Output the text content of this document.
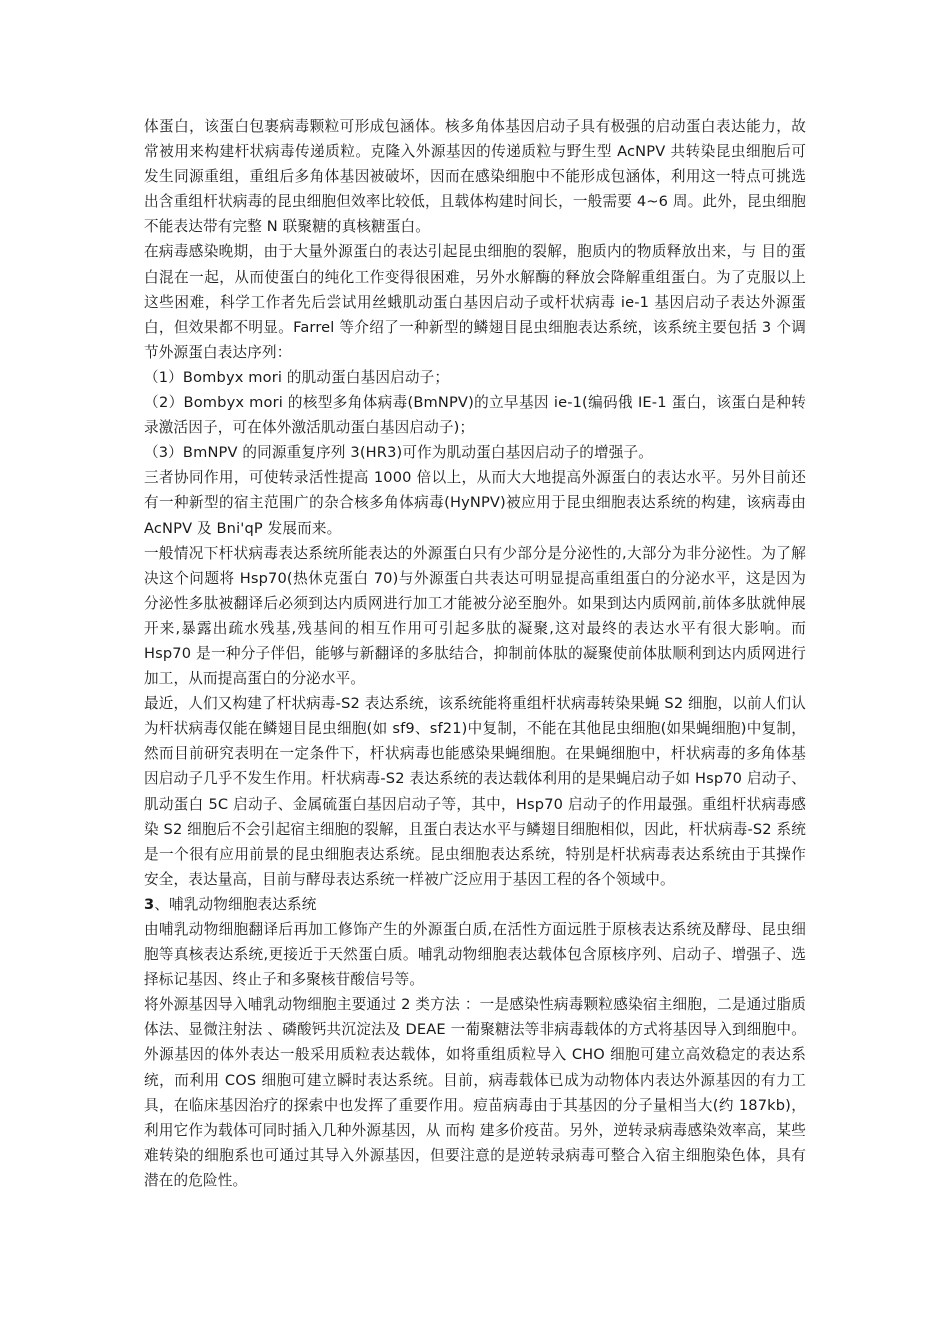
体蛋白，该蛋白包裹病毒颗粒可形成包涵体。核多角体基因启动子具有极强的启动蛋白表达能力，故常被用来构建杆状病毒传递质粒。克隆入外源基因的传递质粒与野生型 AcNPV 共转染昆虫细胞后可发生同源重组，重组后多角体基因被破坏，因而在感染细胞中不能形成包涵体，利用这一特点可挑选 出含重组杆状病毒的昆虫细胞但效率比较低，且载体构建时间长，一般需要 4~6 周。此外，昆虫细胞不能表达带有完整 N 联聚糖的真核糖蛋白。

在病毒感染晚期，由于大量外源蛋白的表达引起昆虫细胞的裂解，胞质内的物质释放出来，与 目的蛋白混在一起，从而使蛋白的纯化工作变得很困难，另外水解酶的释放会降解重组蛋白。为了克服以上这些困难，科学工作者先后尝试用丝蛾肌动蛋白基因启动子或杆状病毒 ie-1 基因启动子表达外源蛋白，但效果都不明显。Farrel 等介绍了一种新型的鳞翅目昆虫细胞表达系统，该系统主要包括 3 个调节外源蛋白表达序列：

（1）Bombyx mori 的肌动蛋白基因启动子；

（2）Bombyx mori 的核型多角体病毒(BmNPV)的立早基因 ie-1(编码俄 IE-1 蛋白，该蛋白是种转录激活因子，可在体外激活肌动蛋白基因启动子)；

（3）BmNPV 的同源重复序列 3(HR3)可作为肌动蛋白基因启动子的增强子。

三者协同作用，可使转录活性提高 1000 倍以上，从而大大地提高外源蛋白的表达水平。另外目前还有一种新型的宿主范围广的杂合核多角体病毒(HyNPV)被应用于昆虫细胞表达系统的构建，该病毒由 AcNPV 及 Bni'qP 发展而来。

一般情况下杆状病毒表达系统所能表达的外源蛋白只有少部分是分泌性的,大部分为非分泌性。为了解决这个问题将 Hsp70(热休克蛋白 70)与外源蛋白共表达可明显提高重组蛋白的分泌水平，这是因为分泌性多肽被翻译后必须到达内质网进行加工才能被分泌至胞外。如果到达内质网前,前体多肽就伸展开来,暴露出疏水残基,残基间的相互作用可引起多肽的凝聚,这对最终的表达水平有很大影响。而 Hsp70 是一种分子伴侣，能够与新翻译的多肽结合，抑制前体肽的凝聚使前体肽顺利到达内质网进行加工，从而提高蛋白的分泌水平。

最近，人们又构建了杆状病毒-S2 表达系统，该系统能将重组杆状病毒转染果蝇 S2 细胞，以前人们认为杆状病毒仅能在鳞翅目昆虫细胞(如 sf9、sf21)中复制，不能在其他昆虫细胞(如果蝇细胞)中复制，然而目前研究表明在一定条件下，杆状病毒也能感染果蝇细胞。在果蝇细胞中，杆状病毒的多角体基因启动子几乎不发生作用。杆状病毒-S2 表达系统的表达载体利用的是果蝇启动子如 Hsp70 启动子、肌动蛋白 5C 启动子、金属硫蛋白基因启动子等，其中，Hsp70 启动子的作用最强。重组杆状病毒感染 S2 细胞后不会引起宿主细胞的裂解，且蛋白表达水平与鳞翅目细胞相似，因此，杆状病毒-S2 系统是一个很有应用前景的昆虫细胞表达系统。昆虫细胞表达系统，特别是杆状病毒表达系统由于其操作安全，表达量高，目前与酵母表达系统一样被广泛应用于基因工程的各个领域中。

3、哺乳动物细胞表达系统

由哺乳动物细胞翻译后再加工修饰产生的外源蛋白质,在活性方面远胜于原核表达系统及酵母、昆虫细胞等真核表达系统,更接近于天然蛋白质。哺乳动物细胞表达载体包含原核序列、启动子、增强子、选择标记基因、终止子和多聚核苷酸信号等。

将外源基因导入哺乳动物细胞主要通过 2 类方法 ：一是感染性病毒颗粒感染宿主细胞，二是通过脂质体法、显微注射法 、磷酸钙共沉淀法及 DEAE 一葡聚糖法等非病毒载体的方式将基因导入到细胞中。外源基因的体外表达一般采用质粒表达载体，如将重组质粒导入 CHO 细胞可建立高效稳定的表达系统，而利用 COS 细胞可建立瞬时表达系统。目前，病毒载体已成为动物体内表达外源基因的有力工具，在临床基因治疗的探索中也发挥了重要作用。痘苗病毒由于其基因的分子量相当大(约 187kb)，利用它作为载体可同时插入几种外源基因，从 而构 建多价疫苗。另外，逆转录病毒感染效率高，某些难转染的细胞系也可通过其导入外源基因，但要注意的是逆转录病毒可整合入宿主细胞染色体，具有潜在的危险性。
